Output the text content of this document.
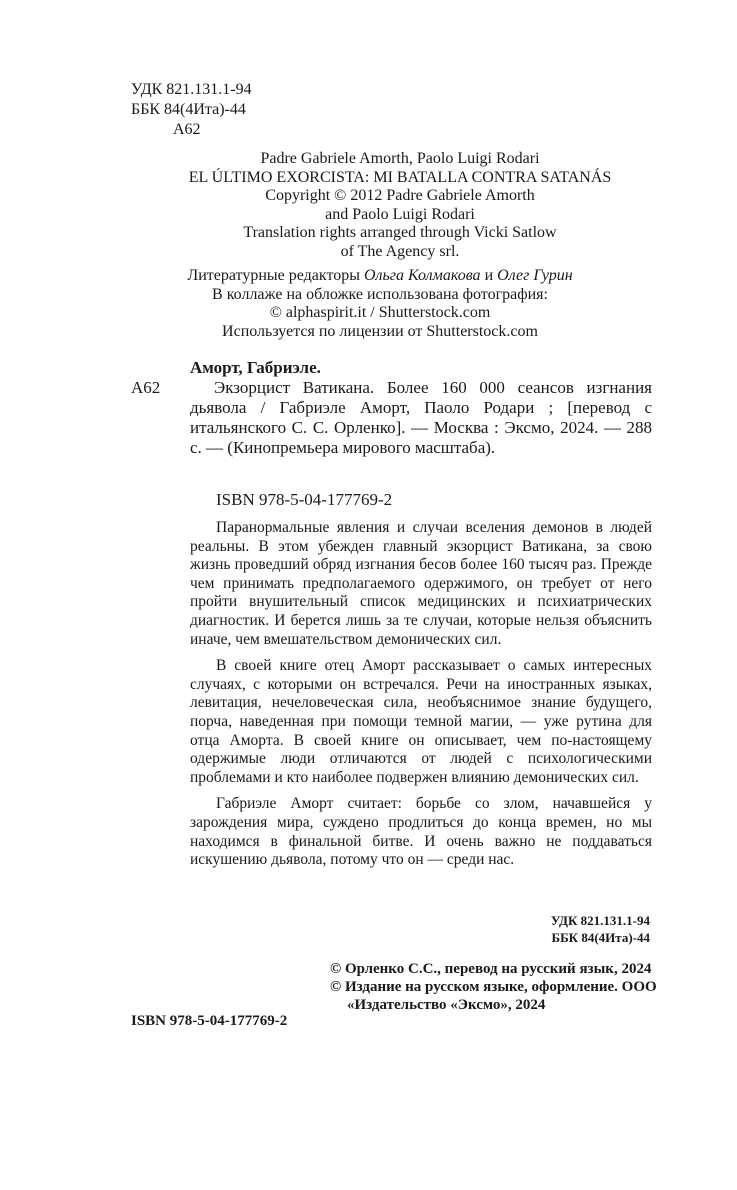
УДК 821.131.1-94
ББК 84(4Ита)-44
А62
Padre Gabriele Amorth, Paolo Luigi Rodari
EL ÚLTIMO EXORCISTA: MI BATALLA CONTRA SATANÁS
Copyright © 2012 Padre Gabriele Amorth
and Paolo Luigi Rodari
Translation rights arranged through Vicki Satlow
of The Agency srl.
Литературные редакторы Ольга Колмакова и Олег Гурин
В коллаже на обложке использована фотография:
© alphaspirit.it / Shutterstock.com
Используется по лицензии от Shutterstock.com
Аморт, Габриэле.
А62	Экзорцист Ватикана. Более 160 000 сеансов изгнания дьявола / Габриэле Аморт, Паоло Родари ; [перевод с итальянского С. С. Орленко]. — Москва : Эксмо, 2024. — 288 с. — (Кинопремьера мирового масштаба).
ISBN 978-5-04-177769-2

Паранормальные явления и случаи вселения демонов в людей реальны. В этом убежден главный экзорцист Ватикана, за свою жизнь проведший обряд изгнания бесов более 160 тысяч раз. Прежде чем принимать предполагаемого одержимого, он требует от него пройти внушительный список медицинских и психиатрических диагностик. И берется лишь за те случаи, которые нельзя объяснить иначе, чем вмешательством демонических сил.

В своей книге отец Аморт рассказывает о самых интересных случаях, с которыми он встречался. Речи на иностранных языках, левитация, нечеловеческая сила, необъяснимое знание будущего, порча, наведенная при помощи темной магии, — уже рутина для отца Аморта. В своей книге он описывает, чем по-настоящему одержимые люди отличаются от людей с психологическими проблемами и кто наиболее подвержен влиянию демонических сил.

Габриэле Аморт считает: борьбе со злом, начавшейся у зарождения мира, суждено продлиться до конца времен, но мы находимся в финальной битве. И очень важно не поддаваться искушению дьявола, потому что он — среди нас.

УДК 821.131.1-94
ББК 84(4Ита)-44
© Орленко С.С., перевод на русский язык, 2024
© Издание на русском языке, оформление. ООО «Издательство «Эксмо», 2024
ISBN 978-5-04-177769-2
